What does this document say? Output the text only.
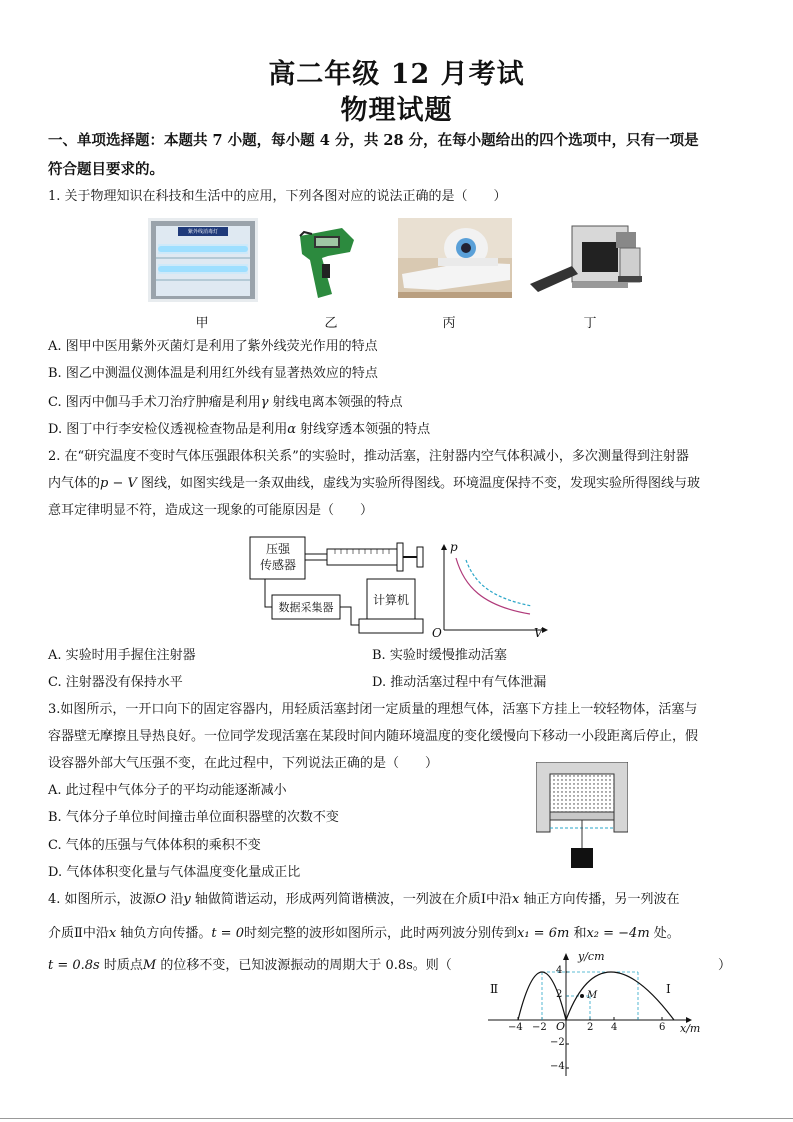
高二年级 12 月考试
物理试题
一、单项选择题：本题共 7 小题，每小题 4 分，共 28 分，在每小题给出的四个选项中，只有一项是
符合题目要求的。
1. 关于物理知识在科技和生活中的应用，下列各图对应的说法正确的是（　　）
紫外线消毒灯
甲	乙	丙	丁
A. 图甲中医用紫外灭菌灯是利用了紫外线荧光作用的特点
B. 图乙中测温仪测体温是利用红外线有显著热效应的特点
C. 图丙中伽马手术刀治疗肿瘤是利用γ 射线电离本领强的特点
D. 图丁中行李安检仪透视检查物品是利用α 射线穿透本领强的特点
2. 在“研究温度不变时气体压强跟体积关系”的实验时，推动活塞，注射器内空气体积减小，多次测量得到注射器
内气体的p − V 图线，如图实线是一条双曲线，虚线为实验所得图线。环境温度保持不变，发现实验所得图线与玻
意耳定律明显不符，造成这一现象的可能原因是（　　）
压强
传感器
数据采集器
计算机
p
V
O
A. 实验时用手握住注射器	B. 实验时缓慢推动活塞
C. 注射器没有保持水平	D. 推动活塞过程中有气体泄漏
3.如图所示，一开口向下的固定容器内，用轻质活塞封闭一定质量的理想气体，活塞下方挂上一较轻物体，活塞与
容器壁无摩擦且导热良好。一位同学发现活塞在某段时间内随环境温度的变化缓慢向下移动一小段距离后停止，假
设容器外部大气压强不变，在此过程中，下列说法正确的是（　　）
A. 此过程中气体分子的平均动能逐渐减小
B. 气体分子单位时间撞击单位面积器壁的次数不变
C. 气体的压强与气体体积的乘积不变
D. 气体体积变化量与气体温度变化量成正比
4. 如图所示，波源O 沿y 轴做简谐运动，形成两列简谐横波，一列波在介质Ⅰ中沿x 轴正方向传播，另一列波在
介质Ⅱ中沿x 轴负方向传播。t = 0时刻完整的波形如图所示，此时两列波分别传到x₁ = 6m 和x₂ = −4m 处。
t = 0.8s 时质点M 的位移不变，已知波源振动的周期大于 0.8s。则（	）
y/cm
x/m
O
M
Ⅱ	Ⅰ
−4 −2	2 4	6
4
2
−2
−4
